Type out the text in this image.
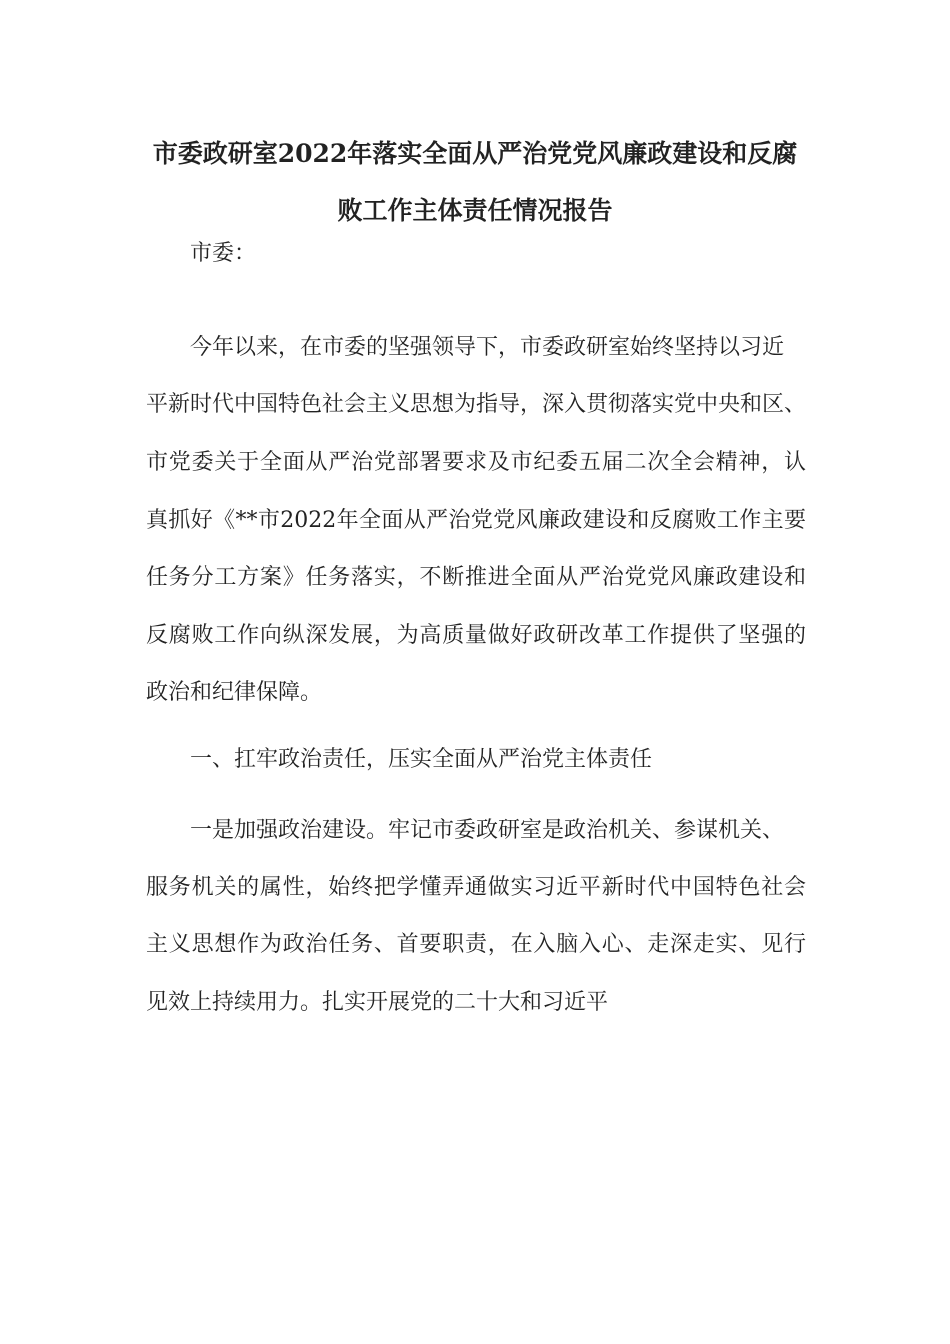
市委政研室2022年落实全面从严治党党风廉政建设和反腐
败工作主体责任情况报告
市委：
今年以来，在市委的坚强领导下，市委政研室始终坚持以习近
平新时代中国特色社会主义思想为指导，深入贯彻落实党中央和区、
市党委关于全面从严治党部署要求及市纪委五届二次全会精神，认
真抓好《**市2022年全面从严治党党风廉政建设和反腐败工作主要
任务分工方案》任务落实，不断推进全面从严治党党风廉政建设和
反腐败工作向纵深发展，为高质量做好政研改革工作提供了坚强的
政治和纪律保障。
一、扛牢政治责任，压实全面从严治党主体责任
一是加强政治建设。牢记市委政研室是政治机关、参谋机关、
服务机关的属性，始终把学懂弄通做实习近平新时代中国特色社会
主义思想作为政治任务、首要职责，在入脑入心、走深走实、见行
见效上持续用力。扎实开展党的二十大和习近平
